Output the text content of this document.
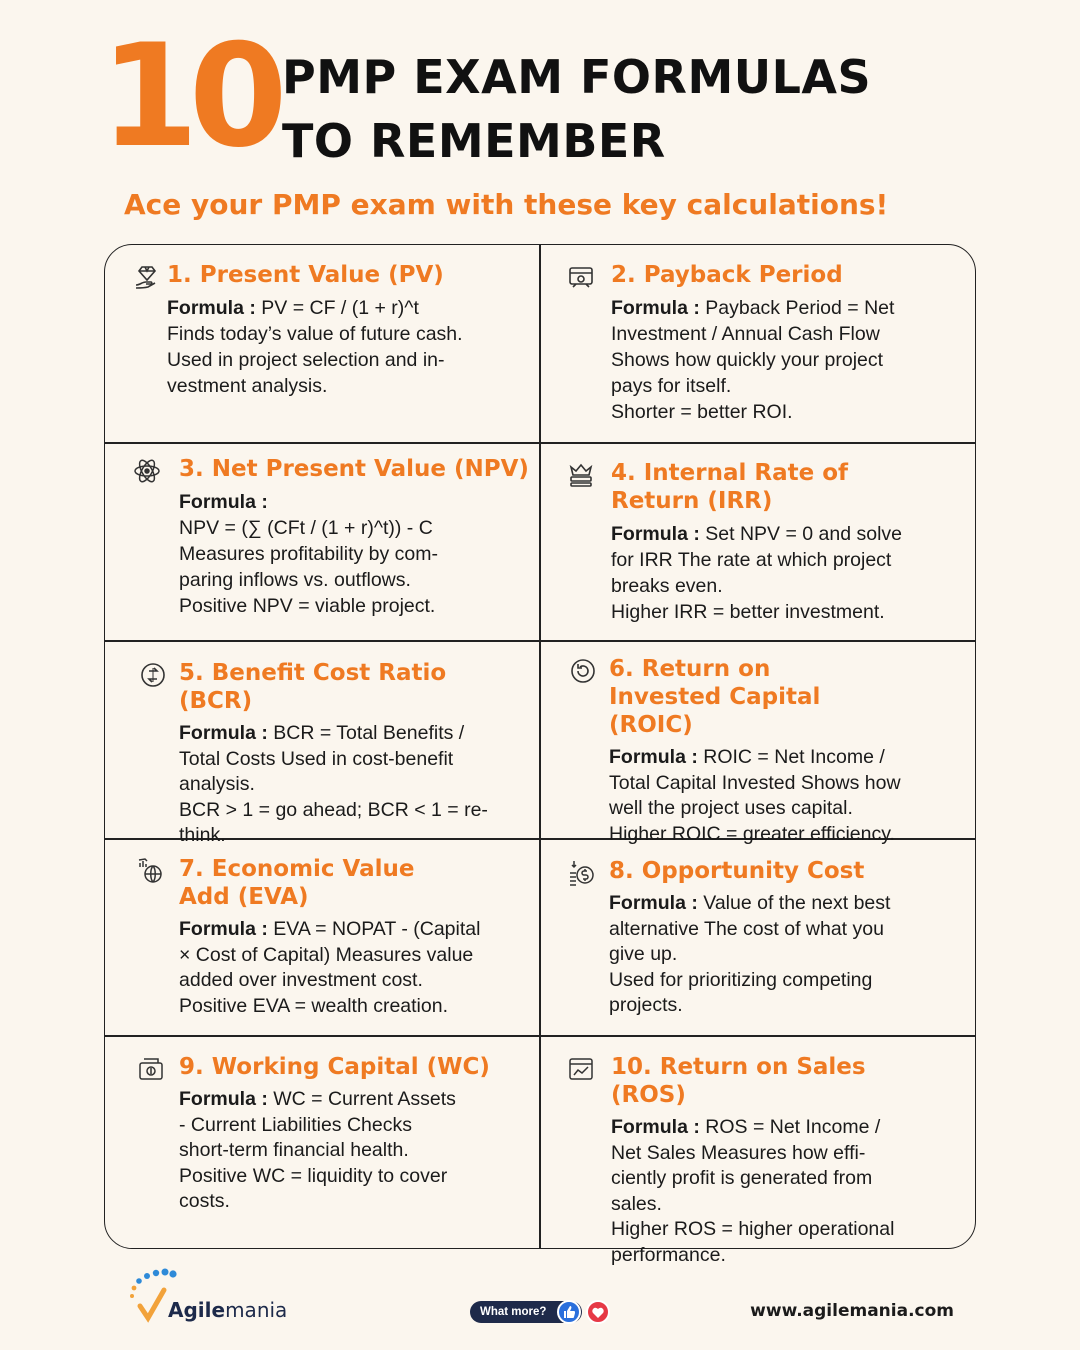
10 PMP EXAM FORMULAS
TO REMEMBER
Ace your PMP exam with these key calculations!

1. Present Value (PV)

Formula : PV = CF / (1 + r)^t

Finds today’s value of future cash.

Used in project selection and in-

vestment analysis.

2. Payback Period

Formula : Payback Period = Net

Investment / Annual Cash Flow

Shows how quickly your project

pays for itself.

Shorter = better ROI.

3. Net Present Value (NPV)

Formula :

NPV = (∑ (CFt / (1 + r)^t)) - C

Measures profitability by com-

paring inflows vs. outflows.

Positive NPV = viable project.

4. Internal Rate of Return (IRR)

Formula : Set NPV = 0 and solve

for IRR The rate at which project

breaks even.

Higher IRR = better investment.

5. Benefit Cost Ratio (BCR)

Formula : BCR = Total Benefits /

Total Costs Used in cost-benefit

analysis.

BCR > 1 = go ahead; BCR < 1 = re-

think.

6. Return on Invested Capital (ROIC)

Formula : ROIC = Net Income /

Total Capital Invested Shows how

well the project uses capital.

Higher ROIC = greater efficiency.

7. Economic Value Add (EVA)

Formula : EVA = NOPAT - (Capital

× Cost of Capital) Measures value

added over investment cost.

Positive EVA = wealth creation.

8. Opportunity Cost

Formula : Value of the next best

alternative The cost of what you

give up.

Used for prioritizing competing

projects.

9. Working Capital (WC)

Formula : WC = Current Assets

- Current Liabilities Checks

short-term financial health.

Positive WC = liquidity to cover

costs.

10. Return on Sales (ROS)

Formula : ROS = Net Income /

Net Sales Measures how effi-

ciently profit is generated from

sales.

Higher ROS = higher operational

performance.

Agilemania	What more?	www.agilemania.com
